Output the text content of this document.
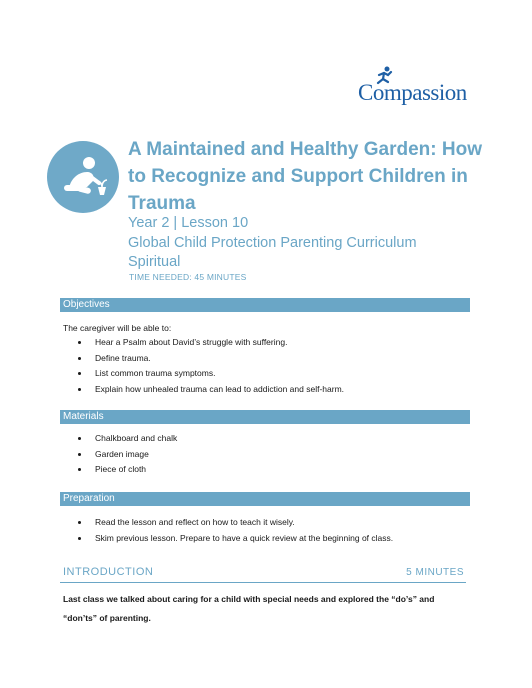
Compassion
A Maintained and Healthy Garden: How to Recognize and Support Children in Trauma
Year 2 | Lesson 10
Global Child Protection Parenting Curriculum
Spiritual
TIME NEEDED: 45 MINUTES
Objectives
The caregiver will be able to:
Hear a Psalm about David’s struggle with suffering.
Define trauma.
List common trauma symptoms.
Explain how unhealed trauma can lead to addiction and self-harm.
Materials
Chalkboard and chalk
Garden image
Piece of cloth
Preparation
Read the lesson and reflect on how to teach it wisely.
Skim previous lesson. Prepare to have a quick review at the beginning of class.
INTRODUCTION	5 MINUTES
Last class we talked about caring for a child with special needs and explored the “do’s” and “don’ts” of parenting.
